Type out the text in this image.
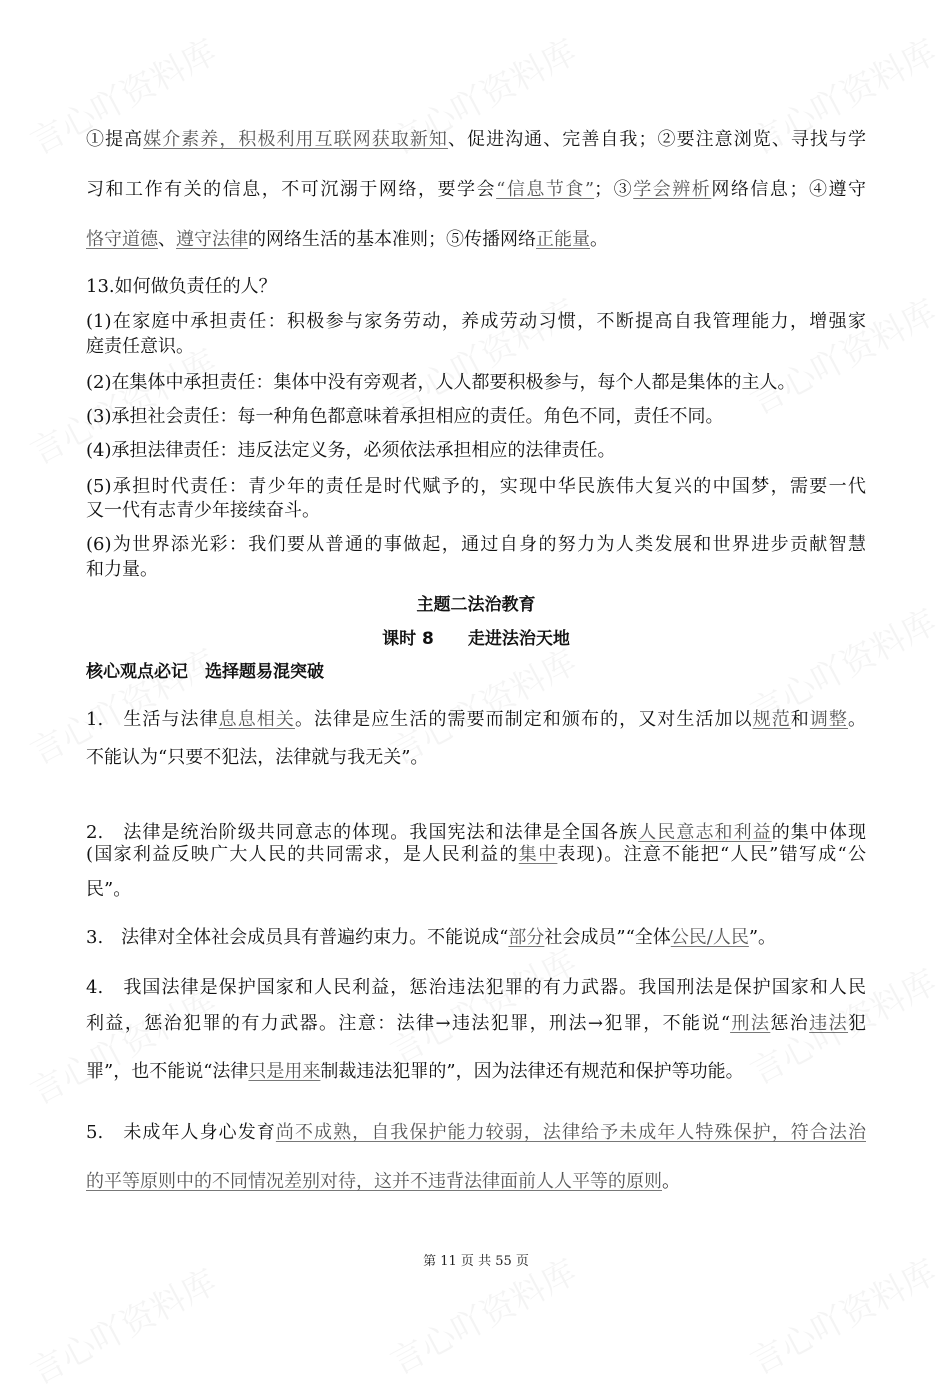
①提高媒介素养，积极利用互联网获取新知、促进沟通、完善自我；②要注意浏览、寻找与学
习和工作有关的信息，不可沉溺于网络，要学会“信息节食”；③学会辨析网络信息；④遵守
恪守道德、遵守法律的网络生活的基本准则；⑤传播网络正能量。
13.如何做负责任的人？
(1)在家庭中承担责任：积极参与家务劳动，养成劳动习惯，不断提高自我管理能力，增强家
庭责任意识。
(2)在集体中承担责任：集体中没有旁观者，人人都要积极参与，每个人都是集体的主人。
(3)承担社会责任：每一种角色都意味着承担相应的责任。角色不同，责任不同。
(4)承担法律责任：违反法定义务，必须依法承担相应的法律责任。
(5)承担时代责任：青少年的责任是时代赋予的，实现中华民族伟大复兴的中国梦，需要一代
又一代有志青少年接续奋斗。
(6)为世界添光彩：我们要从普通的事做起，通过自身的努力为人类发展和世界进步贡献智慧
和力量。
主题二法治教育
课时 8　　走进法治天地
核心观点必记　选择题易混突破
1.　生活与法律息息相关。法律是应生活的需要而制定和颁布的，又对生活加以规范和调整。
不能认为“只要不犯法，法律就与我无关”。
2.　法律是统治阶级共同意志的体现。我国宪法和法律是全国各族人民意志和利益的集中体现
(国家利益反映广大人民的共同需求，是人民利益的集中表现)。注意不能把“人民”错写成“公
民”。
3.　法律对全体社会成员具有普遍约束力。不能说成“部分社会成员”“全体公民/人民”。
4.　我国法律是保护国家和人民利益，惩治违法犯罪的有力武器。我国刑法是保护国家和人民
利益，惩治犯罪的有力武器。注意：法律→违法犯罪，刑法→犯罪，不能说“刑法惩治违法犯
罪”，也不能说“法律只是用来制裁违法犯罪的”，因为法律还有规范和保护等功能。
5.　未成年人身心发育尚不成熟，自我保护能力较弱，法律给予未成年人特殊保护，符合法治
的平等原则中的不同情况差别对待，这并不违背法律面前人人平等的原则。
第 11 页 共 55 页
